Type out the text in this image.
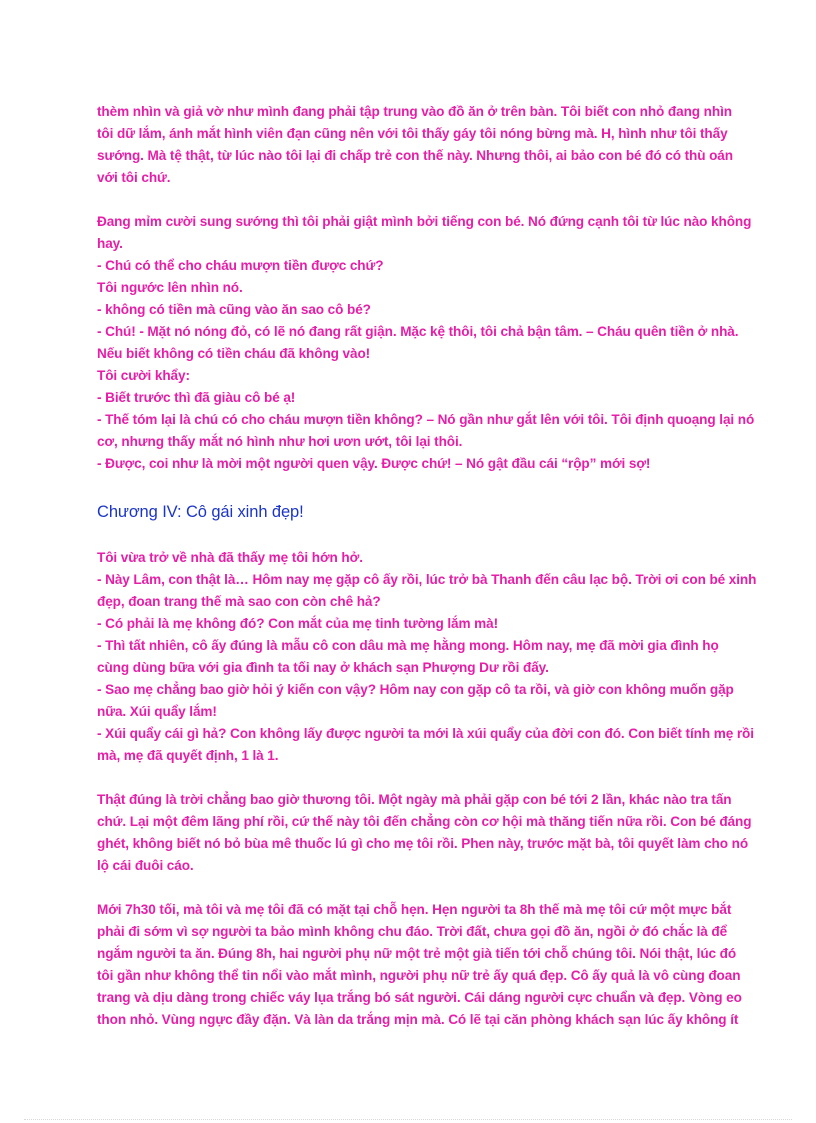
thèm nhìn và giả vờ như mình đang phải tập trung vào đồ ăn ở trên bàn. Tôi biết con nhỏ đang nhìn
tôi dữ lắm, ánh mắt hình viên đạn cũng nên với tôi thấy gáy tôi nóng bừng mà. H, hình như tôi thấy
sướng. Mà tệ thật, từ lúc nào tôi lại đi chấp trẻ con thế này. Nhưng thôi, ai bảo con bé đó có thù oán
với tôi chứ.
Đang mỉm cười sung sướng thì tôi phải giật mình bởi tiếng con bé. Nó đứng cạnh tôi từ lúc nào không
hay.
- Chú có thể cho cháu mượn tiền được chứ?
Tôi ngước lên nhìn nó.
- không có tiền mà cũng vào ăn sao cô bé?
- Chú! - Mặt nó nóng đỏ, có lẽ nó đang rất giận. Mặc kệ thôi, tôi chả bận tâm. – Cháu quên tiền ở nhà.
Nếu biết không có tiền cháu đã không vào!
Tôi cười khẩy:
- Biết trước thì đã giàu cô bé ạ!
- Thế tóm lại là chú có cho cháu mượn tiền không? – Nó gần như gắt lên với tôi. Tôi định quoạng lại nó
cơ, nhưng thấy mắt nó hình như hơi ươn ướt, tôi lại thôi.
- Được, coi như là mời một người quen vậy. Được chứ! – Nó gật đầu cái “rộp” mới sợ!
Chương IV: Cô gái xinh đẹp!
Tôi vừa trở về nhà đã thấy mẹ tôi hớn hở.
- Này Lâm, con thật là… Hôm nay mẹ gặp cô ấy rồi, lúc trở bà Thanh đến câu lạc bộ. Trời ơi con bé xinh
đẹp, đoan trang thế mà sao con còn chê hả?
- Có phải là mẹ không đó? Con mắt của mẹ tinh tường lắm mà!
- Thì tất nhiên, cô ấy đúng là mẫu cô con dâu mà mẹ hằng mong. Hôm nay, mẹ đã mời gia đình họ
cùng dùng bữa với gia đình ta tối nay ở khách sạn Phượng Dư rồi đấy.
- Sao mẹ chẳng bao giờ hỏi ý kiến con vậy? Hôm nay con gặp cô ta rồi, và giờ con không muốn gặp
nữa. Xúi quẩy lắm!
- Xúi quẩy cái gì hả? Con không lấy được người ta mới là xúi quẩy của đời con đó. Con biết tính mẹ rồi
mà, mẹ đã quyết định, 1 là 1.
Thật đúng là trời chẳng bao giờ thương tôi. Một ngày mà phải gặp con bé tới 2 lần, khác nào tra tấn
chứ. Lại một đêm lãng phí rồi, cứ thế này tôi đến chẳng còn cơ hội mà thăng tiến nữa rồi. Con bé đáng
ghét, không biết nó bỏ bùa mê thuốc lú gì cho mẹ tôi rồi. Phen này, trước mặt bà, tôi quyết làm cho nó
lộ cái đuôi cáo.
Mới 7h30 tối, mà tôi và mẹ tôi đã có mặt tại chỗ hẹn. Hẹn người ta 8h thế mà mẹ tôi cứ một mực bắt
phải đi sớm vì sợ người ta bảo mình không chu đáo. Trời đất, chưa gọi đồ ăn, ngồi ở đó chắc là để
ngắm người ta ăn. Đúng 8h, hai người phụ nữ một trẻ một già tiến tới chỗ chúng tôi. Nói thật, lúc đó
tôi gần như không thể tin nổi vào mắt mình, người phụ nữ trẻ ấy quá đẹp. Cô ấy quả là vô cùng đoan
trang và dịu dàng trong chiếc váy lụa trắng bó sát người. Cái dáng người cực chuẩn và đẹp. Vòng eo
thon nhỏ. Vùng ngực đầy đặn. Và làn da trắng mịn mà. Có lẽ tại căn phòng khách sạn lúc ấy không ít
